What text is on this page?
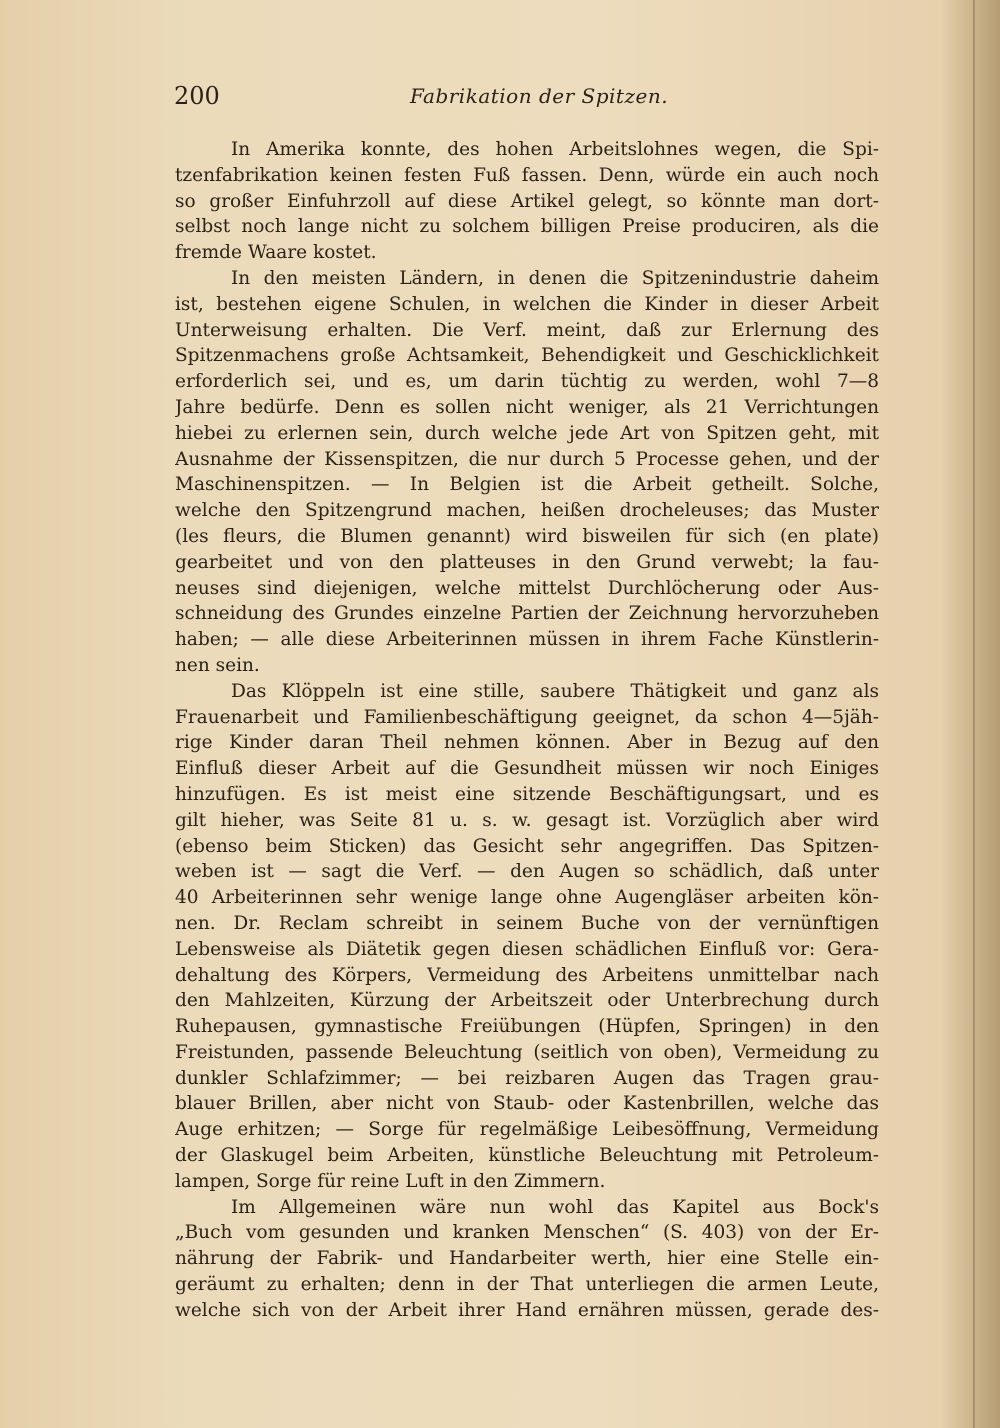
200	Fabrikation der Spitzen.
In Amerika konnte, des hohen Arbeitslohnes wegen, die Spi-
tzenfabrikation keinen festen Fuß fassen. Denn, würde ein auch noch
so großer Einfuhrzoll auf diese Artikel gelegt, so könnte man dort-
selbst noch lange nicht zu solchem billigen Preise produciren, als die
fremde Waare kostet.
In den meisten Ländern, in denen die Spitzenindustrie daheim
ist, bestehen eigene Schulen, in welchen die Kinder in dieser Arbeit
Unterweisung erhalten. Die Verf. meint, daß zur Erlernung des
Spitzenmachens große Achtsamkeit, Behendigkeit und Geschicklichkeit
erforderlich sei, und es, um darin tüchtig zu werden, wohl 7—8
Jahre bedürfe. Denn es sollen nicht weniger, als 21 Verrichtungen
hiebei zu erlernen sein, durch welche jede Art von Spitzen geht, mit
Ausnahme der Kissenspitzen, die nur durch 5 Processe gehen, und der
Maschinenspitzen. — In Belgien ist die Arbeit getheilt. Solche,
welche den Spitzengrund machen, heißen drocheleuses; das Muster
(les fleurs, die Blumen genannt) wird bisweilen für sich (en plate)
gearbeitet und von den platteuses in den Grund verwebt; la fau-
neuses sind diejenigen, welche mittelst Durchlöcherung oder Aus-
schneidung des Grundes einzelne Partien der Zeichnung hervorzuheben
haben; — alle diese Arbeiterinnen müssen in ihrem Fache Künstlerin-
nen sein.
Das Klöppeln ist eine stille, saubere Thätigkeit und ganz als
Frauenarbeit und Familienbeschäftigung geeignet, da schon 4—5jäh-
rige Kinder daran Theil nehmen können. Aber in Bezug auf den
Einfluß dieser Arbeit auf die Gesundheit müssen wir noch Einiges
hinzufügen. Es ist meist eine sitzende Beschäftigungsart, und es
gilt hieher, was Seite 81 u. s. w. gesagt ist. Vorzüglich aber wird
(ebenso beim Sticken) das Gesicht sehr angegriffen. Das Spitzen-
weben ist — sagt die Verf. — den Augen so schädlich, daß unter
40 Arbeiterinnen sehr wenige lange ohne Augengläser arbeiten kön-
nen. Dr. Reclam schreibt in seinem Buche von der vernünftigen
Lebensweise als Diätetik gegen diesen schädlichen Einfluß vor: Gera-
dehaltung des Körpers, Vermeidung des Arbeitens unmittelbar nach
den Mahlzeiten, Kürzung der Arbeitszeit oder Unterbrechung durch
Ruhepausen, gymnastische Freiübungen (Hüpfen, Springen) in den
Freistunden, passende Beleuchtung (seitlich von oben), Vermeidung zu
dunkler Schlafzimmer; — bei reizbaren Augen das Tragen grau-
blauer Brillen, aber nicht von Staub- oder Kastenbrillen, welche das
Auge erhitzen; — Sorge für regelmäßige Leibesöffnung, Vermeidung
der Glaskugel beim Arbeiten, künstliche Beleuchtung mit Petroleum-
lampen, Sorge für reine Luft in den Zimmern.
Im Allgemeinen wäre nun wohl das Kapitel aus Bock's
„Buch vom gesunden und kranken Menschen“ (S. 403) von der Er-
nährung der Fabrik- und Handarbeiter werth, hier eine Stelle ein-
geräumt zu erhalten; denn in der That unterliegen die armen Leute,
welche sich von der Arbeit ihrer Hand ernähren müssen, gerade des-
